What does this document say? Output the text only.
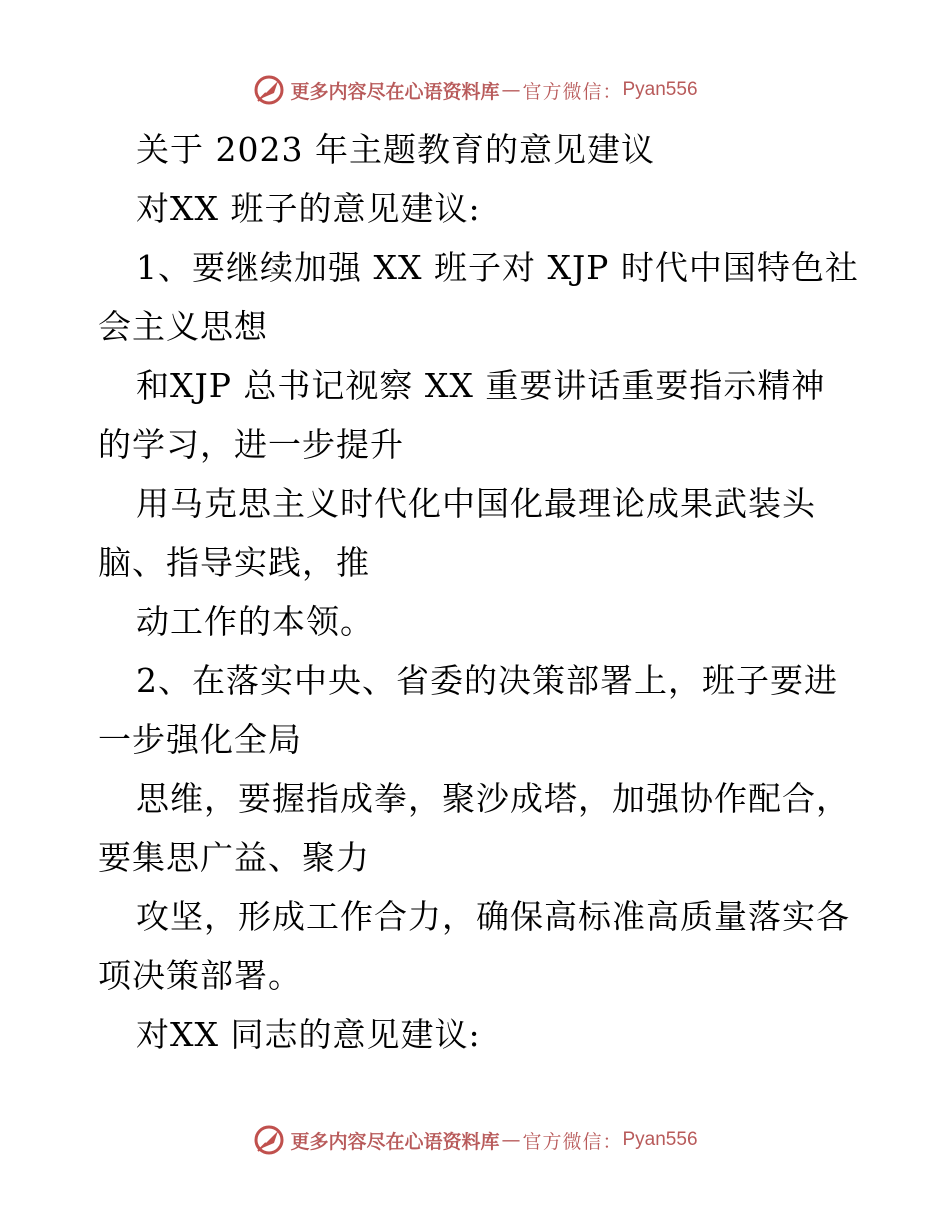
更多内容尽在心语资料库 — 官方微信： Pyan556
关于 2023 年主题教育的意见建议
对XX 班子的意见建议:
1、要继续加强 XX 班子对 XJP 时代中国特色社
会主义思想
和XJP 总书记视察 XX 重要讲话重要指示精神
的学习，进一步提升
用马克思主义时代化中国化最理论成果武装头
脑、指导实践，推
动工作的本领。
2、在落实中央、省委的决策部署上，班子要进
一步强化全局
思维，要握指成拳，聚沙成塔，加强协作配合，
要集思广益、聚力
攻坚，形成工作合力，确保高标准高质量落实各
项决策部署。
对XX 同志的意见建议:
更多内容尽在心语资料库 — 官方微信： Pyan556
